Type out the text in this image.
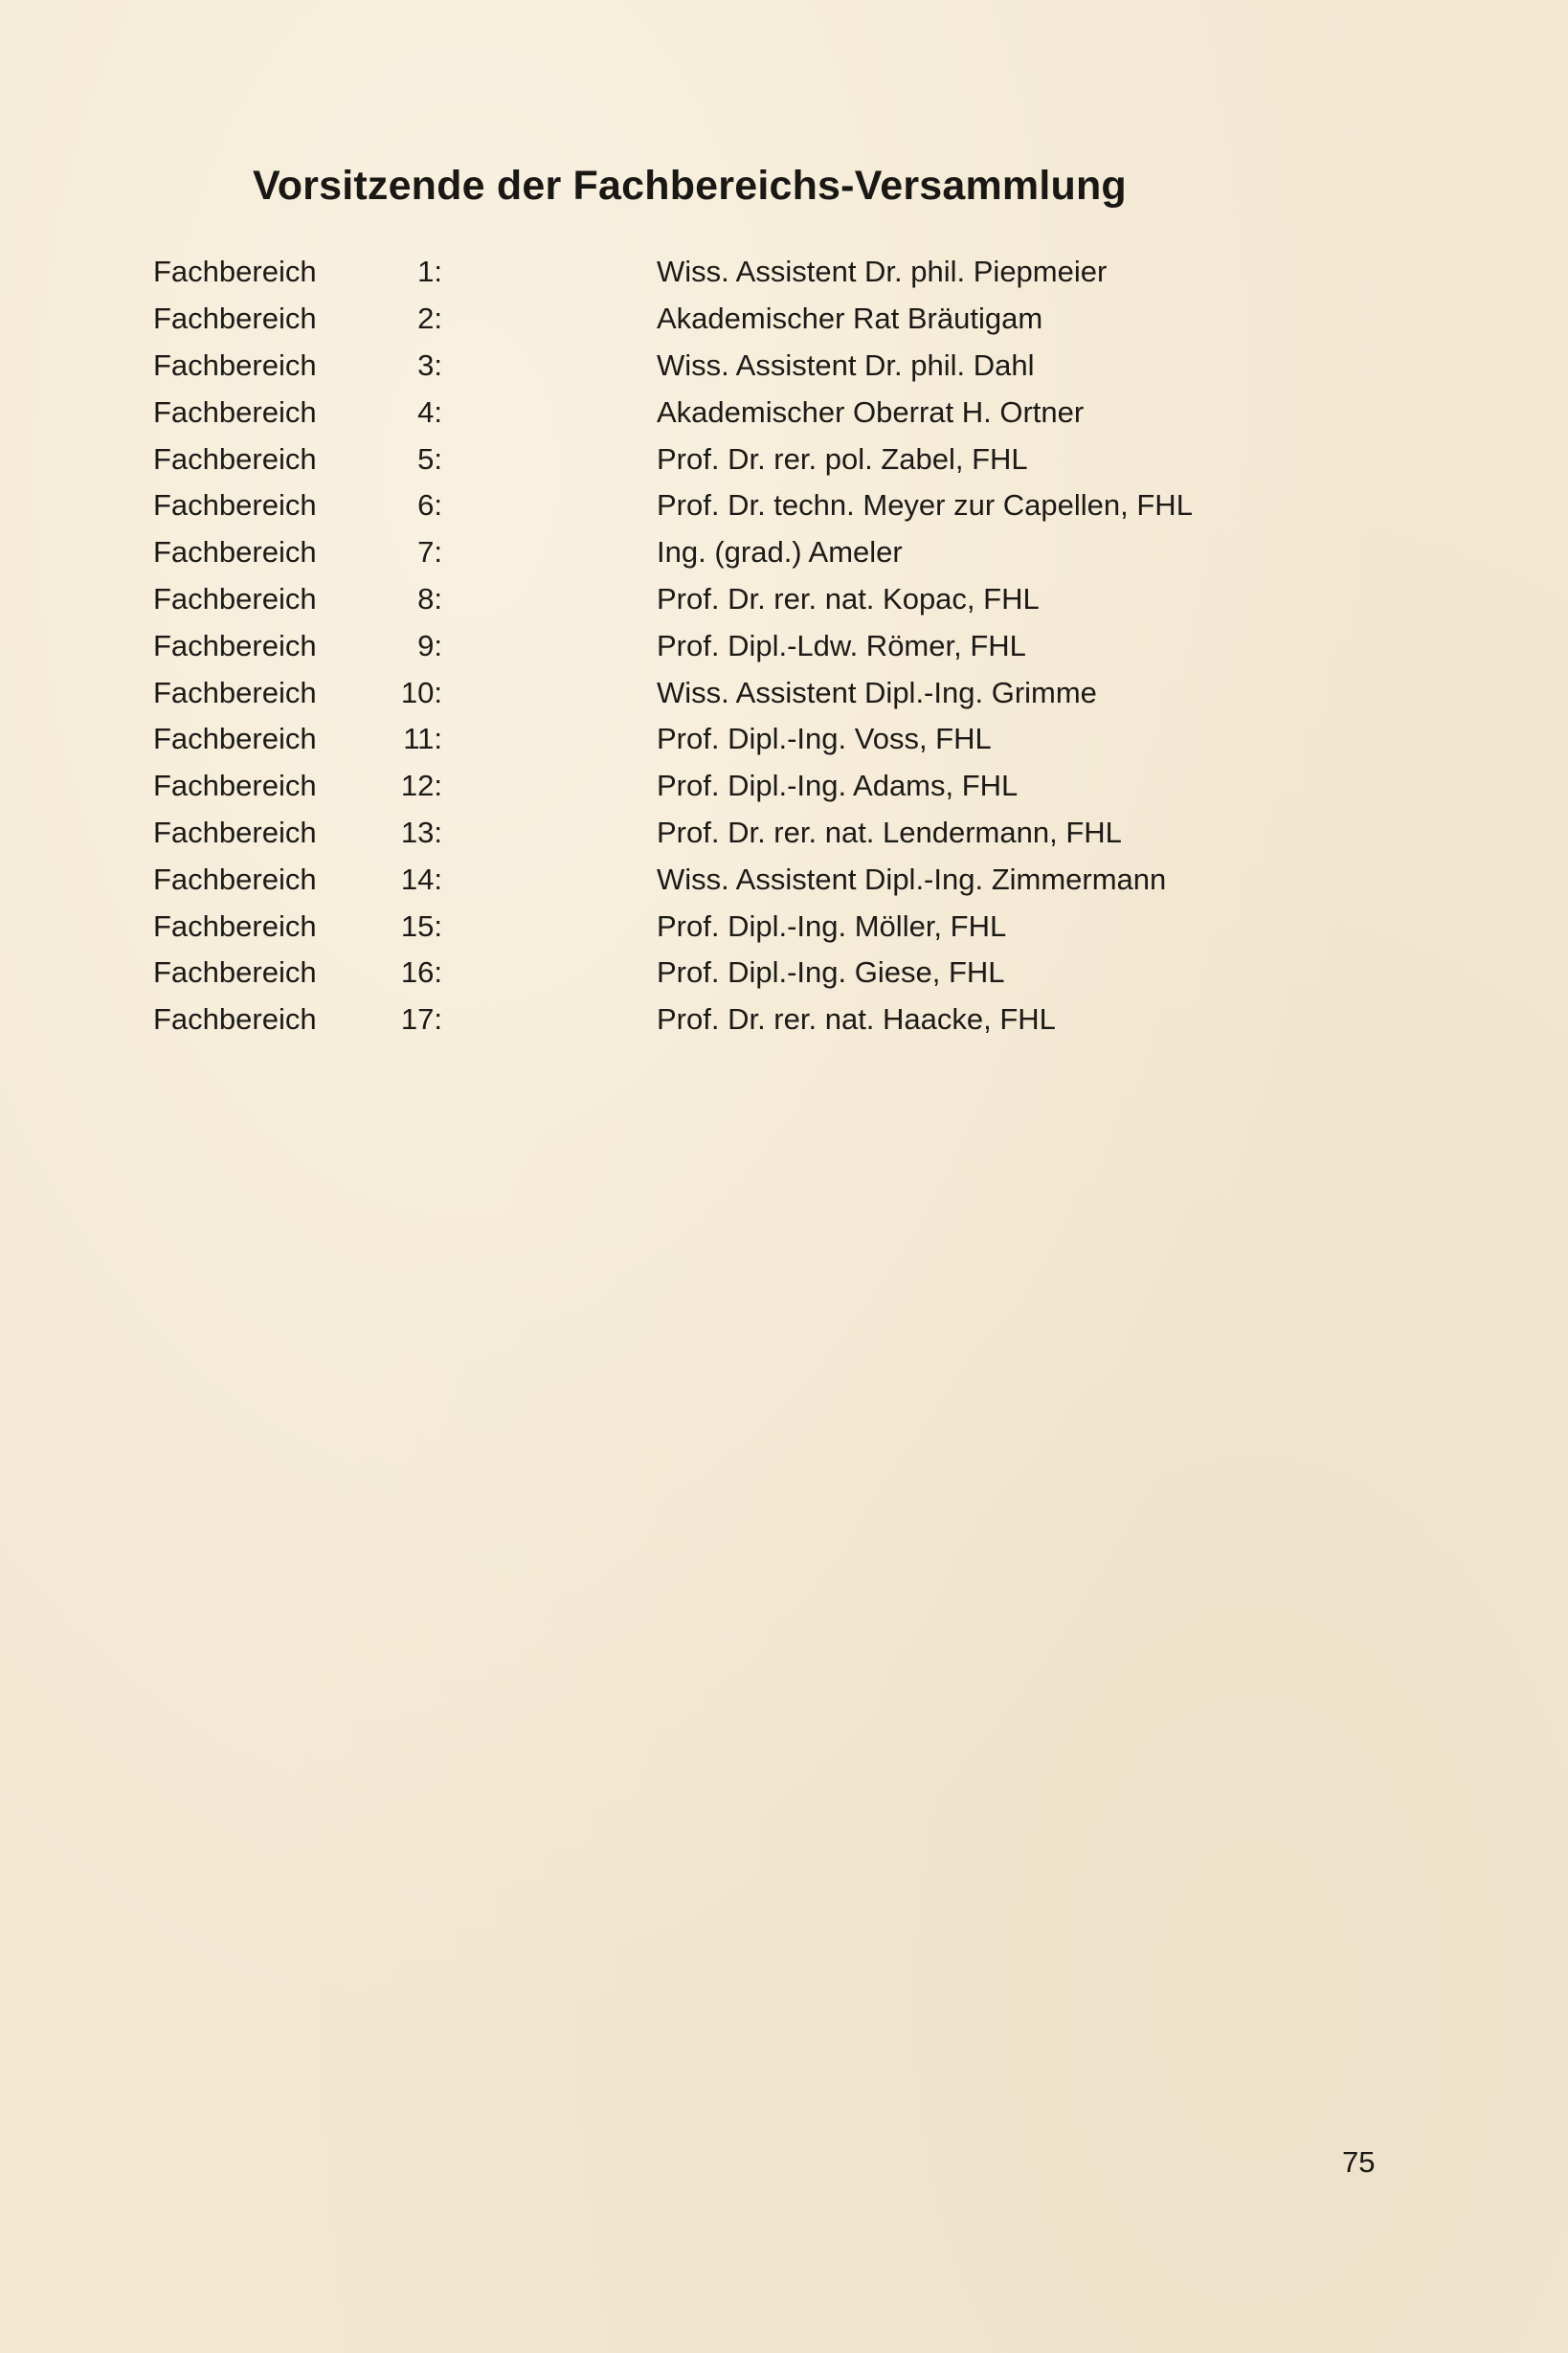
Vorsitzende der Fachbereichs-Versammlung
Fachbereich	1:	Wiss. Assistent Dr. phil. Piepmeier
Fachbereich	2:	Akademischer Rat Bräutigam
Fachbereich	3:	Wiss. Assistent Dr. phil. Dahl
Fachbereich	4:	Akademischer Oberrat H. Ortner
Fachbereich	5:	Prof. Dr. rer. pol. Zabel, FHL
Fachbereich	6:	Prof. Dr. techn. Meyer zur Capellen, FHL
Fachbereich	7:	Ing. (grad.) Ameler
Fachbereich	8:	Prof. Dr. rer. nat. Kopac, FHL
Fachbereich	9:	Prof. Dipl.-Ldw. Römer, FHL
Fachbereich	10:	Wiss. Assistent Dipl.-Ing. Grimme
Fachbereich	11:	Prof. Dipl.-Ing. Voss, FHL
Fachbereich	12:	Prof. Dipl.-Ing. Adams, FHL
Fachbereich	13:	Prof. Dr. rer. nat. Lendermann, FHL
Fachbereich	14:	Wiss. Assistent Dipl.-Ing. Zimmermann
Fachbereich	15:	Prof. Dipl.-Ing. Möller, FHL
Fachbereich	16:	Prof. Dipl.-Ing. Giese, FHL
Fachbereich	17:	Prof. Dr. rer. nat. Haacke, FHL
75
